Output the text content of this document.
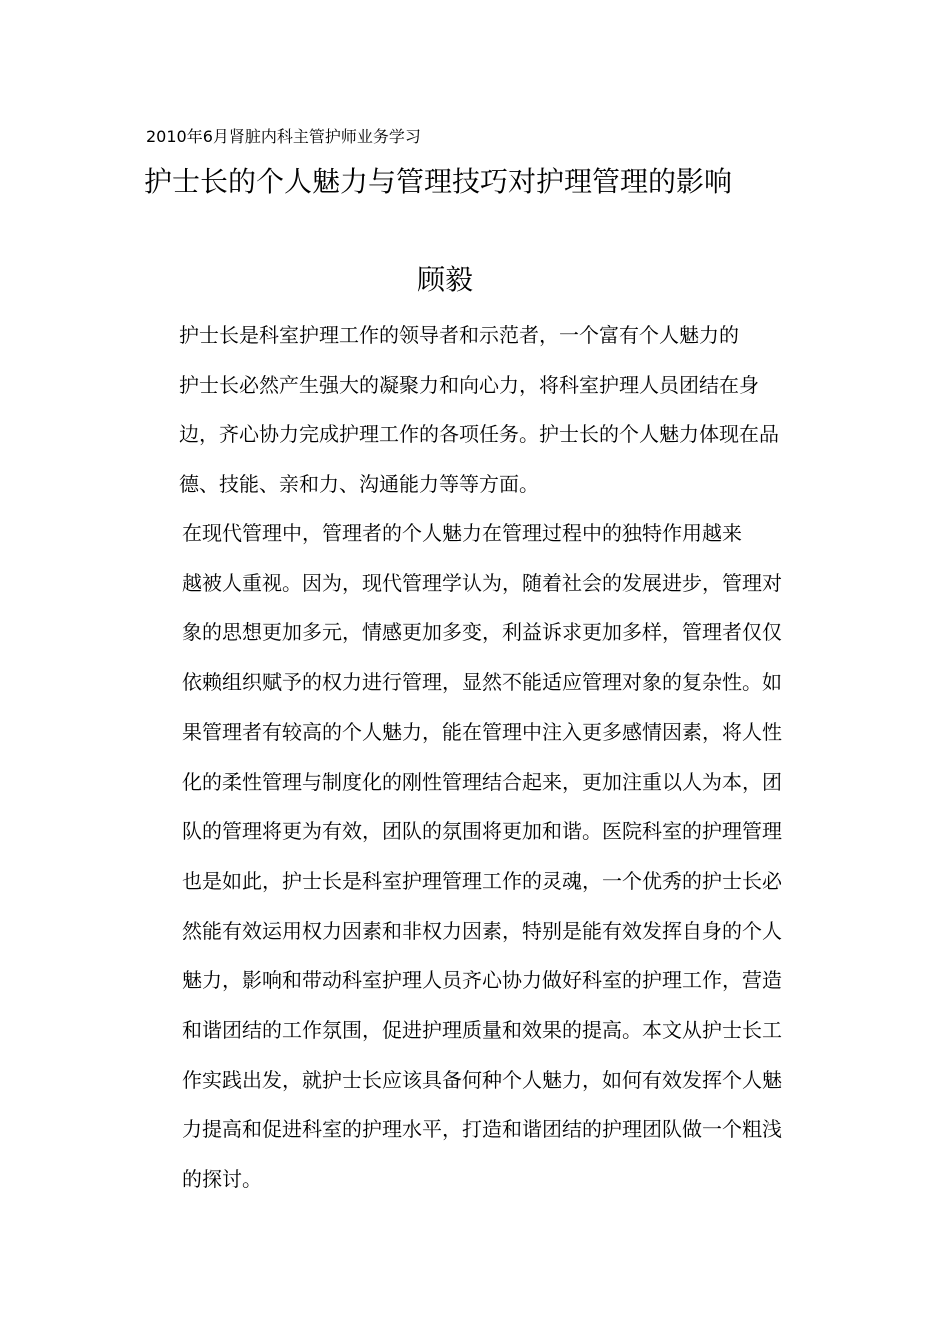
2010年6月肾脏内科主管护师业务学习
护士长的个人魅力与管理技巧对护理管理的影响
顾毅
护士长是科室护理工作的领导者和示范者，一个富有个人魅力的
护士长必然产生强大的凝聚力和向心力，将科室护理人员团结在身
边，齐心协力完成护理工作的各项任务。护士长的个人魅力体现在品
德、技能、亲和力、沟通能力等等方面。
在现代管理中，管理者的个人魅力在管理过程中的独特作用越来
越被人重视。因为，现代管理学认为，随着社会的发展进步，管理对
象的思想更加多元，情感更加多变，利益诉求更加多样，管理者仅仅
依赖组织赋予的权力进行管理，显然不能适应管理对象的复杂性。如
果管理者有较高的个人魅力，能在管理中注入更多感情因素，将人性
化的柔性管理与制度化的刚性管理结合起来，更加注重以人为本，团
队的管理将更为有效，团队的氛围将更加和谐。医院科室的护理管理
也是如此，护士长是科室护理管理工作的灵魂，一个优秀的护士长必
然能有效运用权力因素和非权力因素，特别是能有效发挥自身的个人
魅力，影响和带动科室护理人员齐心协力做好科室的护理工作，营造
和谐团结的工作氛围，促进护理质量和效果的提高。本文从护士长工
作实践出发，就护士长应该具备何种个人魅力，如何有效发挥个人魅
力提高和促进科室的护理水平，打造和谐团结的护理团队做一个粗浅
的探讨。
